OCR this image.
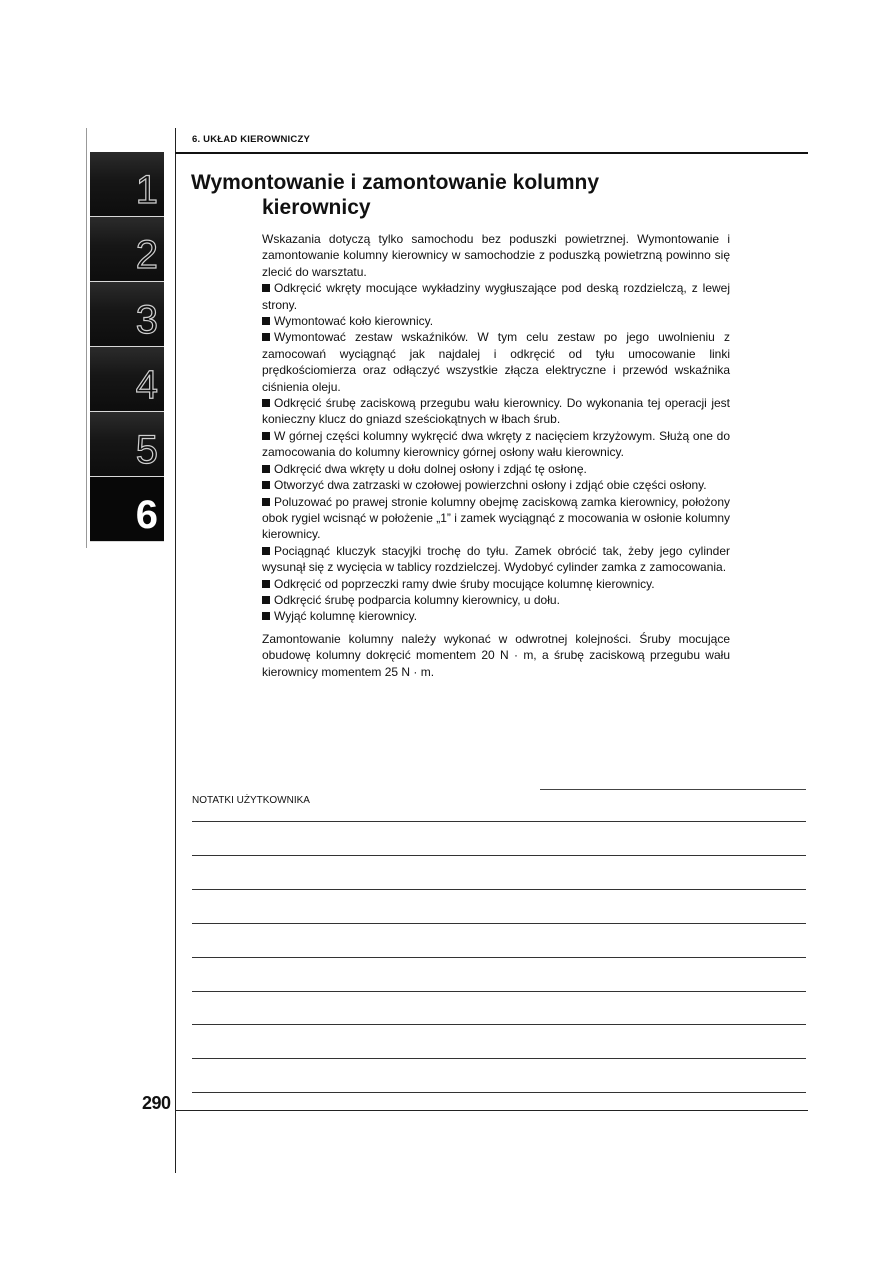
6. UKŁAD KIEROWNICZY
1
2
3
4
5
6
Wymontowanie i zamontowanie kolumny
kierownicy

Wskazania dotyczą tylko samochodu bez poduszki powietrznej. Wymontowanie i zamontowanie kolumny kierownicy w samochodzie z poduszką powietrzną powinno się zlecić do warsztatu.

Odkręcić wkręty mocujące wykładziny wygłuszające pod deską rozdzielczą, z lewej strony.

Wymontować koło kierownicy.

Wymontować zestaw wskaźników. W tym celu zestaw po jego uwolnieniu z zamocowań wyciągnąć jak najdalej i odkręcić od tyłu umocowanie linki prędkościomierza oraz odłączyć wszystkie złącza elektryczne i przewód wskaźnika ciśnienia oleju.

Odkręcić śrubę zaciskową przegubu wału kierownicy. Do wykonania tej operacji jest konieczny klucz do gniazd sześciokątnych w łbach śrub.

W górnej części kolumny wykręcić dwa wkręty z nacięciem krzyżowym. Służą one do zamocowania do kolumny kierownicy górnej osłony wału kierownicy.

Odkręcić dwa wkręty u dołu dolnej osłony i zdjąć tę osłonę.

Otworzyć dwa zatrzaski w czołowej powierzchni osłony i zdjąć obie części osłony.

Poluzować po prawej stronie kolumny obejmę zaciskową zamka kierownicy, położony obok rygiel wcisnąć w położenie „1” i zamek wyciągnąć z mocowania w osłonie kolumny kierownicy.

Pociągnąć kluczyk stacyjki trochę do tyłu. Zamek obrócić tak, żeby jego cylinder wysunął się z wycięcia w tablicy rozdzielczej. Wydobyć cylinder zamka z zamocowania.

Odkręcić od poprzeczki ramy dwie śruby mocujące kolumnę kierownicy.

Odkręcić śrubę podparcia kolumny kierownicy, u dołu.

Wyjąć kolumnę kierownicy.

Zamontowanie kolumny należy wykonać w odwrotnej kolejności. Śruby mocujące obudowę kolumny dokręcić momentem 20 N · m, a śrubę zaciskową przegubu wału kierownicy momentem 25 N · m.

NOTATKI UŻYTKOWNIKA
290
